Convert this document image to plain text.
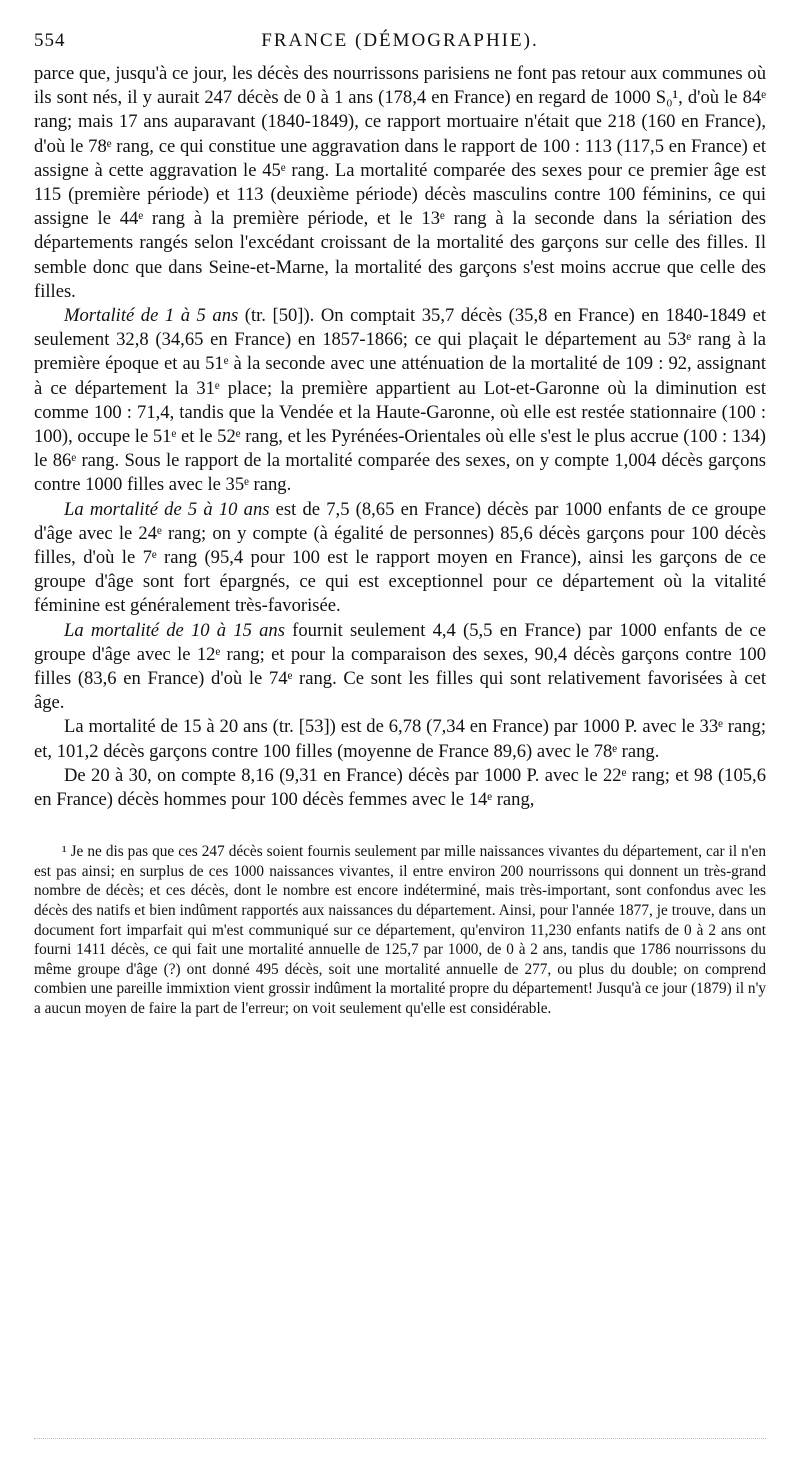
554	FRANCE (DÉMOGRAPHIE).

parce que, jusqu'à ce jour, les décès des nourrissons parisiens ne font pas retour aux communes où ils sont nés, il y aurait 247 décès de 0 à 1 ans (178,4 en France) en regard de 1000 S₀¹, d'où le 84ᵉ rang; mais 17 ans auparavant (1840-1849), ce rapport mortuaire n'était que 218 (160 en France), d'où le 78ᵉ rang, ce qui constitue une aggravation dans le rapport de 100 : 113 (117,5 en France) et assigne à cette aggravation le 45ᵉ rang. La mortalité comparée des sexes pour ce premier âge est 115 (première période) et 113 (deuxième période) décès masculins contre 100 féminins, ce qui assigne le 44ᵉ rang à la première période, et le 13ᵉ rang à la seconde dans la sériation des départements rangés selon l'excédant croissant de la mortalité des garçons sur celle des filles. Il semble donc que dans Seine-et-Marne, la mortalité des garçons s'est moins accrue que celle des filles.

Mortalité de 1 à 5 ans (tr. [50]). On comptait 35,7 décès (35,8 en France) en 1840-1849 et seulement 32,8 (34,65 en France) en 1857-1866; ce qui plaçait le département au 53ᵉ rang à la première époque et au 51ᵉ à la seconde avec une atténuation de la mortalité de 109 : 92, assignant à ce département la 31ᵉ place; la première appartient au Lot-et-Garonne où la diminution est comme 100 : 71,4, tandis que la Vendée et la Haute-Garonne, où elle est restée stationnaire (100 : 100), occupe le 51ᵉ et le 52ᵉ rang, et les Pyrénées-Orientales où elle s'est le plus accrue (100 : 134) le 86ᵉ rang. Sous le rapport de la mortalité comparée des sexes, on y compte 1,004 décès garçons contre 1000 filles avec le 35ᵉ rang.

La mortalité de 5 à 10 ans est de 7,5 (8,65 en France) décès par 1000 enfants de ce groupe d'âge avec le 24ᵉ rang; on y compte (à égalité de personnes) 85,6 décès garçons pour 100 décès filles, d'où le 7ᵉ rang (95,4 pour 100 est le rapport moyen en France), ainsi les garçons de ce groupe d'âge sont fort épargnés, ce qui est exceptionnel pour ce département où la vitalité féminine est généralement très-favorisée.

La mortalité de 10 à 15 ans fournit seulement 4,4 (5,5 en France) par 1000 enfants de ce groupe d'âge avec le 12ᵉ rang; et pour la comparaison des sexes, 90,4 décès garçons contre 100 filles (83,6 en France) d'où le 74ᵉ rang. Ce sont les filles qui sont relativement favorisées à cet âge.

La mortalité de 15 à 20 ans (tr. [53]) est de 6,78 (7,34 en France) par 1000 P. avec le 33ᵉ rang; et, 101,2 décès garçons contre 100 filles (moyenne de France 89,6) avec le 78ᵉ rang.

De 20 à 30, on compte 8,16 (9,31 en France) décès par 1000 P. avec le 22ᵉ rang; et 98 (105,6 en France) décès hommes pour 100 décès femmes avec le 14ᵉ rang,

¹ Je ne dis pas que ces 247 décès soient fournis seulement par mille naissances vivantes du département, car il n'en est pas ainsi; en surplus de ces 1000 naissances vivantes, il entre environ 200 nourrissons qui donnent un très-grand nombre de décès; et ces décès, dont le nombre est encore indéterminé, mais très-important, sont confondus avec les décès des natifs et bien indûment rapportés aux naissances du département. Ainsi, pour l'année 1877, je trouve, dans un document fort imparfait qui m'est communiqué sur ce département, qu'environ 11,230 enfants natifs de 0 à 2 ans ont fourni 1411 décès, ce qui fait une mortalité annuelle de 125,7 par 1000, de 0 à 2 ans, tandis que 1786 nourrissons du même groupe d'âge (?) ont donné 495 décès, soit une mortalité annuelle de 277, ou plus du double; on comprend combien une pareille immixtion vient grossir indûment la mortalité propre du département! Jusqu'à ce jour (1879) il n'y a aucun moyen de faire la part de l'erreur; on voit seulement qu'elle est considérable.
